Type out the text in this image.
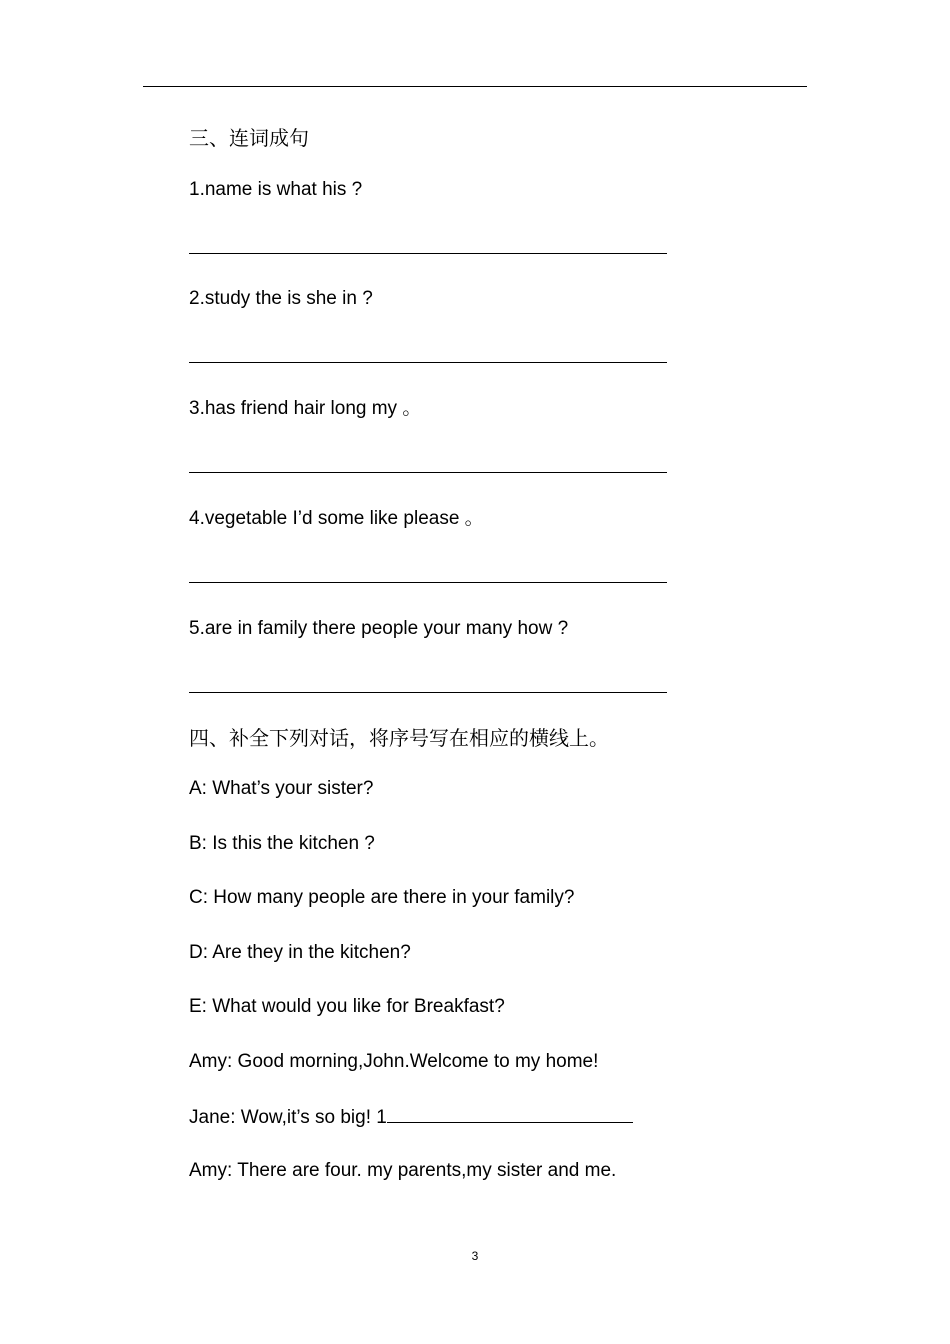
三、连词成句
1.name is what his ?
2.study the is she in ?
3.has friend hair long my 。
4.vegetable I’d some like please 。
5.are in family there people your many how ?
四、补全下列对话，将序号写在相应的横线上。
A: What’s your sister?
B: Is this the kitchen ?
C: How many people are there in your family?
D: Are they in the kitchen?
E: What would you like for Breakfast?
Amy: Good morning,John.Welcome to my home!
Jane: Wow,it’s so big! 1
Amy: There are four. my parents,my sister and me.
3
